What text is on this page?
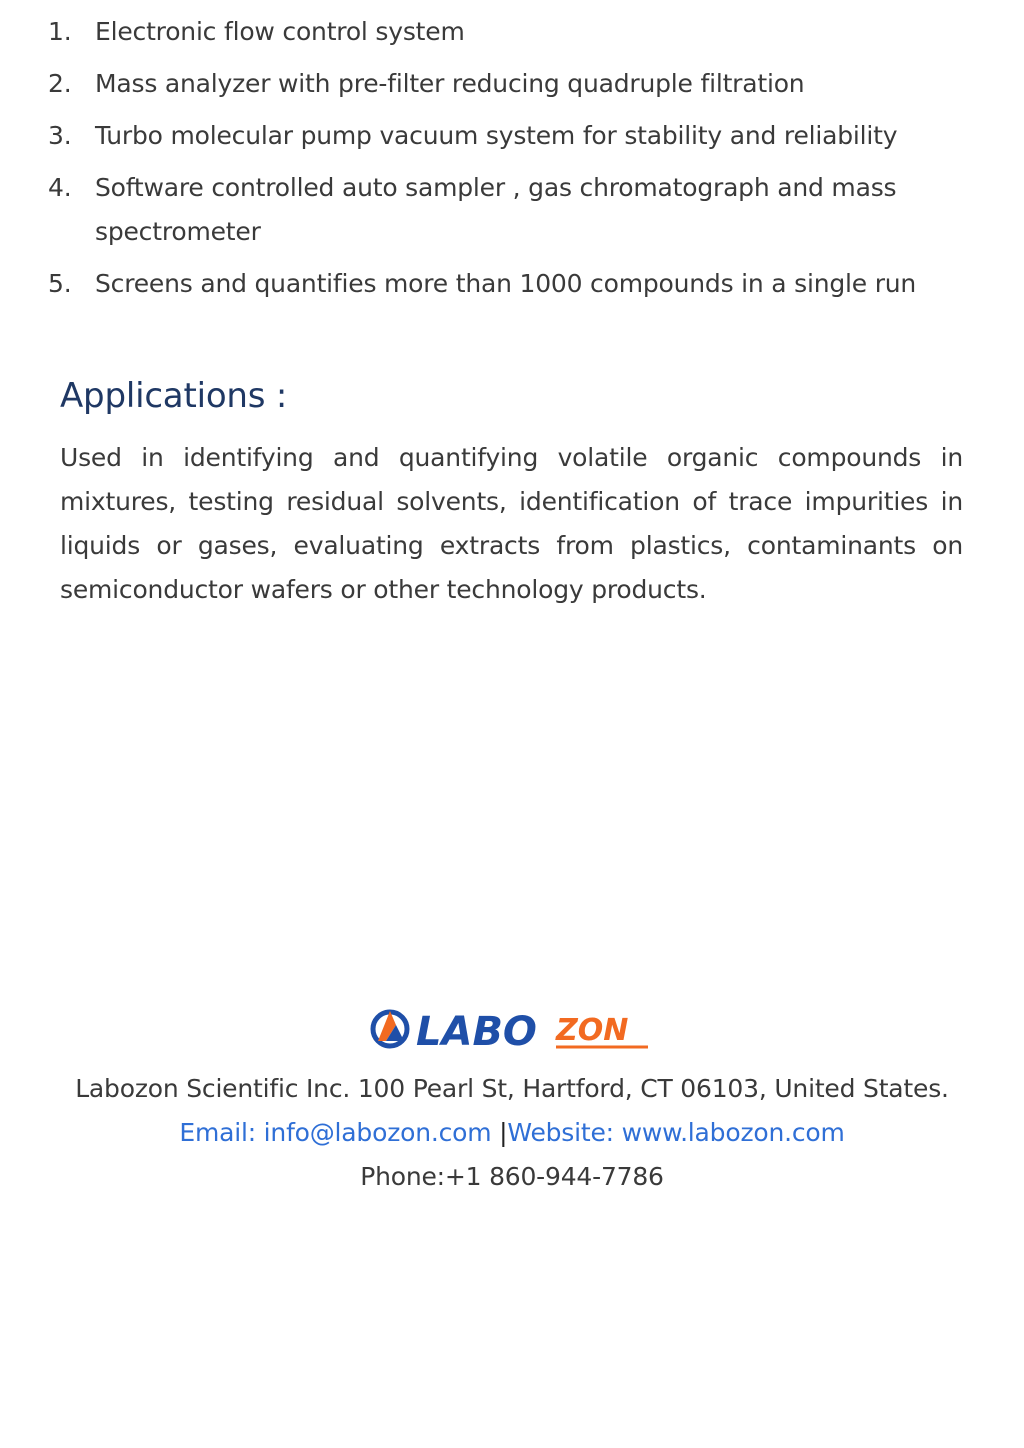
1. Electronic flow control system
2. Mass analyzer with pre-filter reducing quadruple filtration
3. Turbo molecular pump vacuum system for stability and reliability
4. Software controlled auto sampler , gas chromatograph and mass spectrometer
5. Screens and quantifies more than 1000 compounds in a single run
Applications :

Used in identifying and quantifying volatile organic compounds in mixtures, testing residual solvents, identification of trace impurities in liquids or gases, evaluating extracts from plastics, contaminants on semiconductor wafers or other technology products.

LABO ZON
Labozon Scientific Inc. 100 Pearl St, Hartford, CT 06103, United States.
Email: info@labozon.com |Website: www.labozon.com
Phone:+1 860-944-7786
